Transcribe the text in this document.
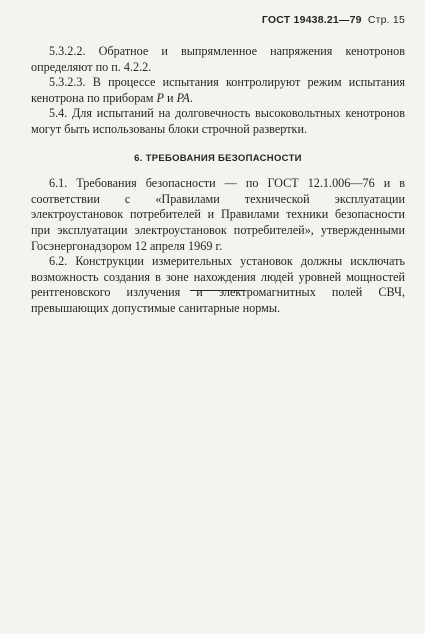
ГОСТ 19438.21—79 Стр. 15

5.3.2.2. Обратное и выпрямленное напряжения кенотронов определяют по п. 4.2.2.

5.3.2.3. В процессе испытания контролируют режим испытания кенотрона по приборам P и PA.

5.4. Для испытаний на долговечность высоковольтных кенотронов могут быть использованы блоки строчной развертки.

6. ТРЕБОВАНИЯ БЕЗОПАСНОСТИ

6.1. Требования безопасности — по ГОСТ 12.1.006—76 и в соответствии с «Правилами технической эксплуатации электроустановок потребителей и Правилами техники безопасности при эксплуатации электроустановок потребителей», утвержденными Госэнергонадзором 12 апреля 1969 г.

6.2. Конструкции измерительных установок должны исключать возможность создания в зоне нахождения людей уровней мощностей рентгеновского излучения и электромагнитных полей СВЧ, превышающих допустимые санитарные нормы.
